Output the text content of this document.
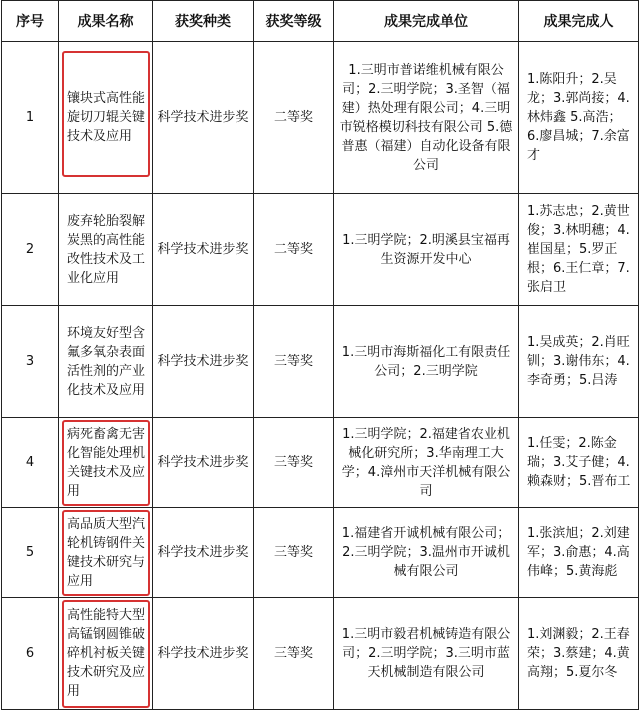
序号	成果名称	获奖种类	获奖等级	成果完成单位	成果完成人
1	镶块式高性能旋切刀辊关键技术及应用	科学技术进步奖	二等奖	1.三明市普诺维机械有限公司；2.三明学院；3.圣智（福建）热处理有限公司；4.三明市锐格模切科技有限公司 5.德普惠（福建）自动化设备有限公司	1.陈阳升；2.吴龙；3.郭尚接；4.林炜鑫 5.高浩；6.廖昌城；7.余富才
2	废弃轮胎裂解炭黑的高性能改性技术及工业化应用	科学技术进步奖	二等奖	1.三明学院；2.明溪县宝福再生资源开发中心	1.苏志忠；2.黄世俊；3.林明穗；4.崔国星；5.罗正根；6.王仁章；7.张启卫
3	环境友好型含氟多氧杂表面活性剂的产业化技术及应用	科学技术进步奖	三等奖	1.三明市海斯福化工有限责任公司；2.三明学院	1.吴成英；2.肖旺钏；3.谢伟东；4.李奇勇；5.吕涛
4	病死畜禽无害化智能处理机关键技术及应用	科学技术进步奖	三等奖	1.三明学院；2.福建省农业机械化研究所；3.华南理工大学；4.漳州市天洋机械有限公司	1.任雯；2.陈金瑞；3.艾子健；4.赖森财；5.晋布工
5	高品质大型汽轮机铸钢件关键技术研究与应用	科学技术进步奖	三等奖	1.福建省开诚机械有限公司；2.三明学院；3.温州市开诚机械有限公司	1.张滨旭；2.刘建军；3.俞惠；4.高伟峰；5.黄海彪
6	高性能特大型高锰钢圆锥破碎机衬板关键技术研究及应用	科学技术进步奖	三等奖	1.三明市毅君机械铸造有限公司；2.三明学院；3.三明市蓝天机械制造有限公司	1.刘渊毅；2.王春荣；3.蔡建；4.黄高翔；5.夏尔冬
